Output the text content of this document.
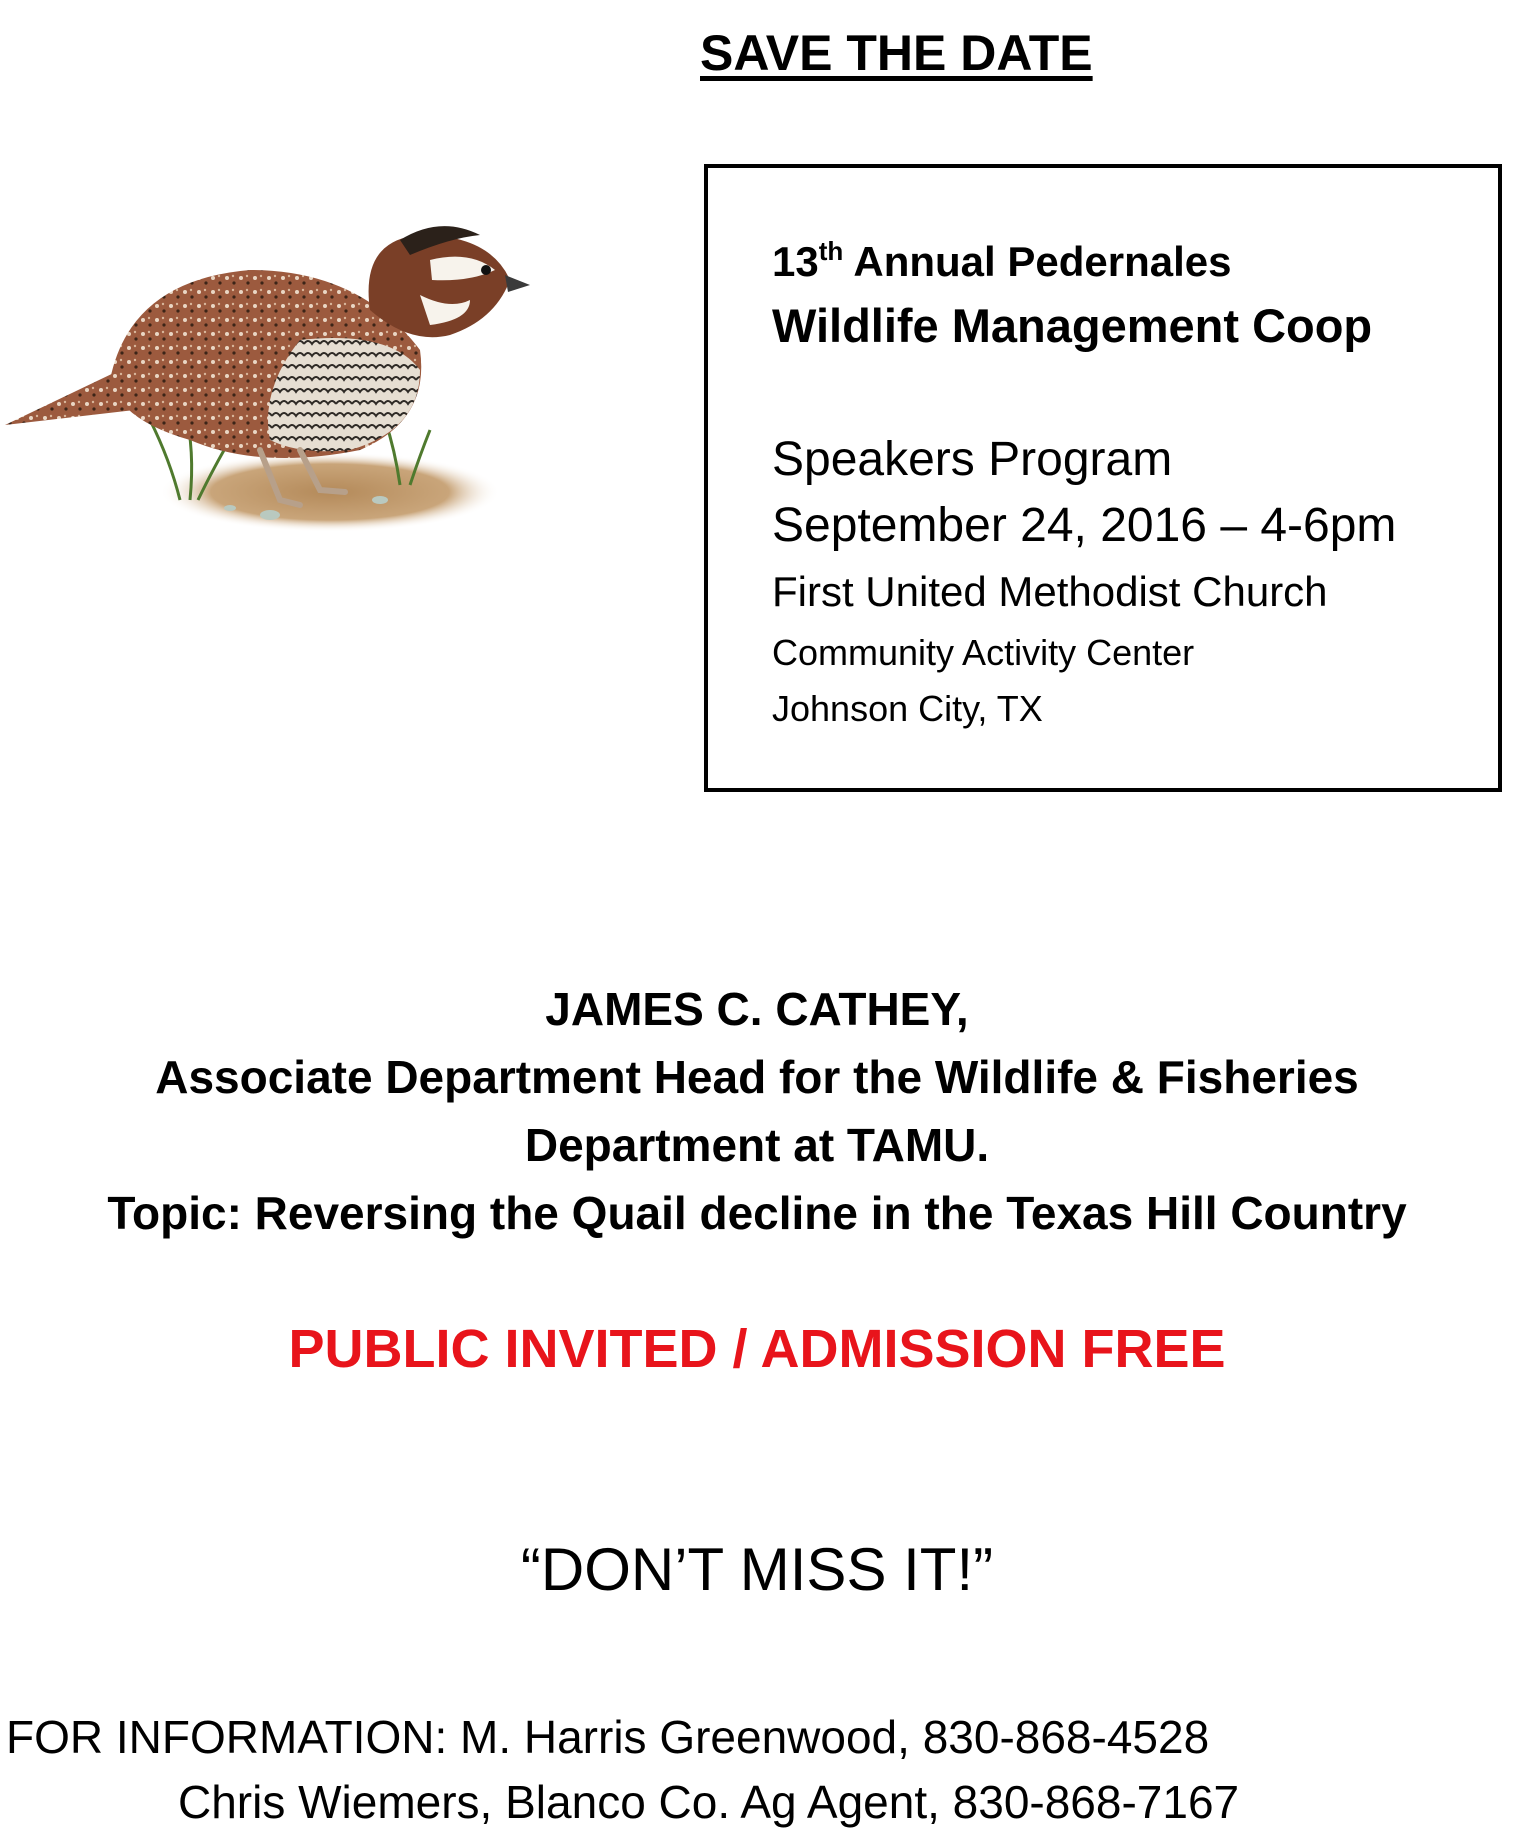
SAVE THE DATE
13th Annual Pedernales
Wildlife Management Coop
Speakers Program
September 24, 2016 – 4-6pm
First United Methodist Church
Community Activity Center
Johnson City, TX
JAMES C. CATHEY,
Associate Department Head for the Wildlife & Fisheries
Department at TAMU.
Topic: Reversing the Quail decline in the Texas Hill Country
PUBLIC INVITED / ADMISSION FREE
“DON’T MISS IT!”
FOR INFORMATION: M. Harris Greenwood, 830-868-4528
Chris Wiemers, Blanco Co. Ag Agent, 830-868-7167
